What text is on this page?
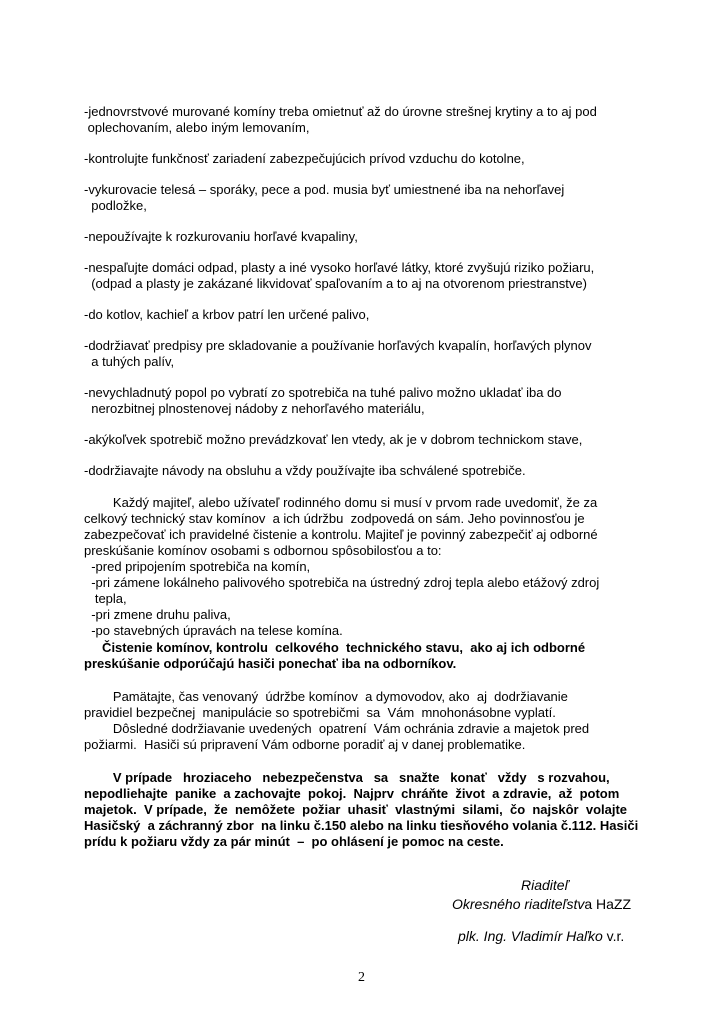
-jednovrstvové murované komíny treba omietnuť až do úrovne strešnej krytiny a to aj pod
oplechovaním, alebo iným lemovaním,
-kontrolujte funkčnosť zariadení zabezpečujúcich prívod vzduchu do kotolne,
-vykurovacie telesá – sporáky, pece a pod. musia byť umiestnené iba na nehorľavej
podložke,
-nepoužívajte k rozkurovaniu horľavé kvapaliny,
-nespaľujte domáci odpad, plasty a iné vysoko horľavé látky, ktoré zvyšujú riziko požiaru,
(odpad a plasty je zakázané likvidovať spaľovaním a to aj na otvorenom priestranstve)
-do kotlov, kachieľ a krbov patrí len určené palivo,
-dodržiavať predpisy pre skladovanie a používanie horľavých kvapalín, horľavých plynov
a tuhých palív,
-nevychladnutý popol po vybratí zo spotrebiča na tuhé palivo možno ukladať iba do
nerozbitnej plnostenovej nádoby z nehorľavého materiálu,
-akýkoľvek spotrebič možno prevádzkovať len vtedy, ak je v dobrom technickom stave,
-dodržiavajte návody na obsluhu a vždy používajte iba schválené spotrebiče.
Každý majiteľ, alebo užívateľ rodinného domu si musí v prvom rade uvedomiť, že za
celkový technický stav komínov  a ich údržbu  zodpovedá on sám. Jeho povinnosťou je
zabezpečovať ich pravidelné čistenie a kontrolu. Majiteľ je povinný zabezpečiť aj odborné
preskúšanie komínov osobami s odbornou spôsobilosťou a to:
-pred pripojením spotrebiča na komín,
-pri zámene lokálneho palivového spotrebiča na ústredný zdroj tepla alebo etážový zdroj
tepla,
-pri zmene druhu paliva,
-po stavebných úpravách na telese komína.
Čistenie komínov, kontrolu  celkového  technického stavu,  ako aj ich odborné
preskúšanie odporúčajú hasiči ponechať iba na odborníkov.
Pamätajte, čas venovaný  údržbe komínov  a dymovodov, ako  aj  dodržiavanie
pravidiel bezpečnej  manipulácie so spotrebičmi  sa  Vám  mnohonásobne vyplatí.
Dôsledné dodržiavanie uvedených  opatrení  Vám ochránia zdravie a majetok pred
požiarmi.  Hasiči sú pripravení Vám odborne poradiť aj v danej problematike.
V prípade   hroziaceho   nebezpečenstva   sa   snažte   konať   vždy   s rozvahou,
nepodliehajte  panike  a zachovajte  pokoj.  Najprv  chráňte  život  a zdravie,  až  potom
majetok.  V prípade,  že  nemôžete  požiar  uhasiť  vlastnými  silami,  čo  najskôr  volajte
Hasičský  a záchranný zbor  na linku č.150 alebo na linku tiesňového volania č.112. Hasiči
prídu k požiaru vždy za pár minút  –  po ohlásení je pomoc na ceste.
Riaditeľ
Okresného riaditeľstva HaZZ
plk. Ing. Vladimír Haľko v.r.
2
